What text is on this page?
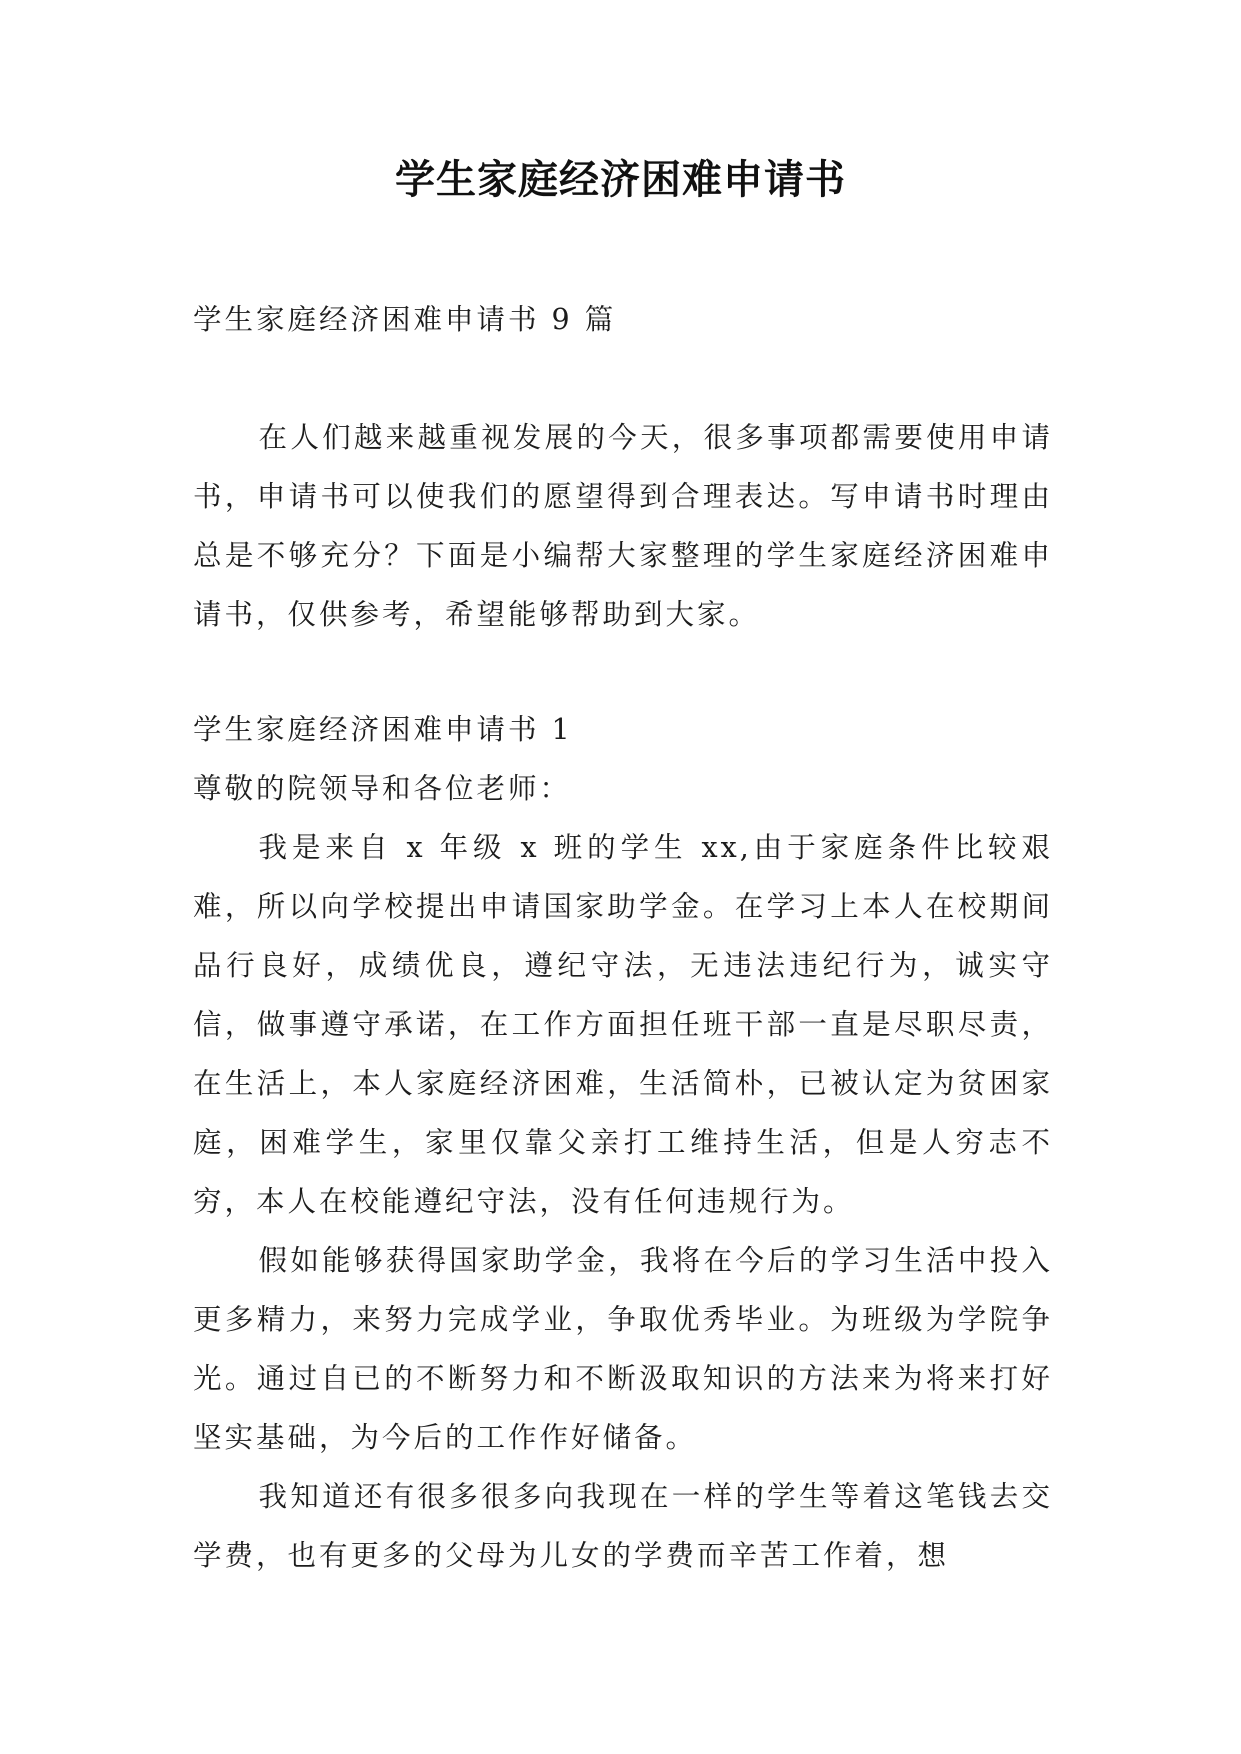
学生家庭经济困难申请书
学生家庭经济困难申请书 9 篇
在人们越来越重视发展的今天，很多事项都需要使用申请书，申请书可以使我们的愿望得到合理表达。写申请书时理由总是不够充分？下面是小编帮大家整理的学生家庭经济困难申请书，仅供参考，希望能够帮助到大家。
学生家庭经济困难申请书 1
尊敬的院领导和各位老师：
我是来自 x 年级 x 班的学生 xx,由于家庭条件比较艰难，所以向学校提出申请国家助学金。在学习上本人在校期间品行良好，成绩优良，遵纪守法，无违法违纪行为，诚实守信，做事遵守承诺，在工作方面担任班干部一直是尽职尽责，在生活上，本人家庭经济困难，生活简朴，已被认定为贫困家庭，困难学生，家里仅靠父亲打工维持生活，但是人穷志不穷，本人在校能遵纪守法，没有任何违规行为。
假如能够获得国家助学金，我将在今后的学习生活中投入更多精力，来努力完成学业，争取优秀毕业。为班级为学院争光。通过自已的不断努力和不断汲取知识的方法来为将来打好坚实基础，为今后的工作作好储备。
我知道还有很多很多向我现在一样的学生等着这笔钱去交学费，也有更多的父母为儿女的学费而辛苦工作着，想
